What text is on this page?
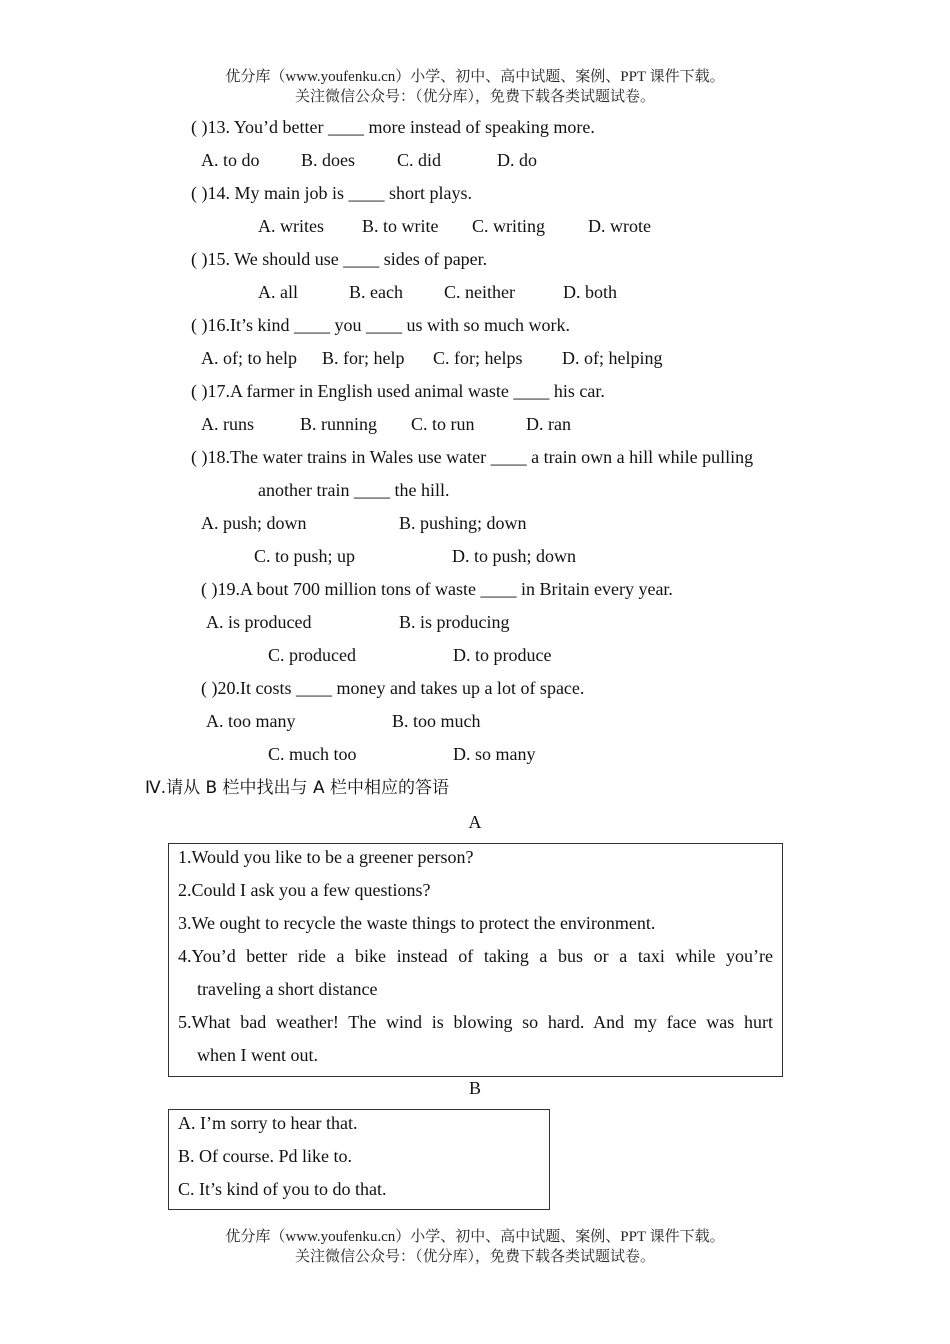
优分库（www.youfenku.cn）小学、初中、高中试题、案例、PPT 课件下载。
关注微信公众号：（优分库），免费下载各类试题试卷。
( )13. You’d better ____ more instead of speaking more.
A. to do B. does C. did	D. do
( )14. My main job is ____ short plays.
A. writes B. to write C. writing D. wrote
( )15. We should use ____ sides of paper.
A. all	B. each C. neither	D. both
( )16.It’s kind ____ you ____ us with so much work.
A. of; to help B. for; help C. for; helps D. of; helping
( )17.A farmer in English used animal waste ____ his car.
A. runs	B. running C. to run	D. ran
( )18.The water trains in Wales use water ____ a train own a hill while pulling
another train ____ the hill.
A. push; down	B. pushing; down
C. to push; up	D. to push; down
( )19.A bout 700 million tons of waste ____ in Britain every year.
A. is produced	B. is producing
C. produced	D. to produce
( )20.It costs ____ money and takes up a lot of space.
A. too many	B. too much
C. much too	D. so many
Ⅳ.请从 B 栏中找出与 A 栏中相应的答语
A
1.Would you like to be a greener person?
2.Could I ask you a few questions?
3.We ought to recycle the waste things to protect the environment.
4.You’d better ride a bike instead of taking a bus or a taxi while you’re
traveling a short distance
5.What bad weather! The wind is blowing so hard. And my face was hurt
when I went out.
B
A. I’m sorry to hear that.
B. Of course. Pd like to.
C. It’s kind of you to do that.
优分库（www.youfenku.cn）小学、初中、高中试题、案例、PPT 课件下载。
关注微信公众号：（优分库），免费下载各类试题试卷。
